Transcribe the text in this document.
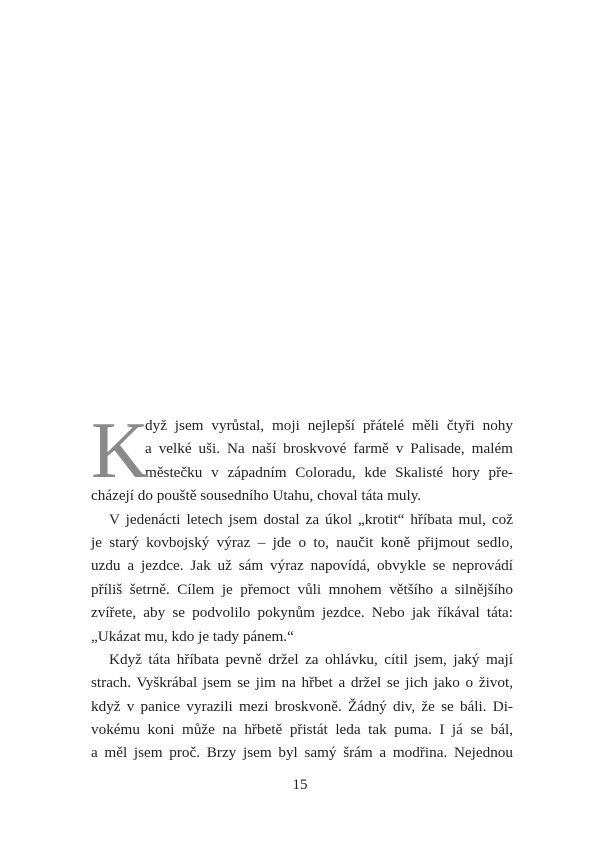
K
dyž jsem vyrůstal, moji nejlepší přátelé měli čtyři nohy
a velké uši. Na naší broskvové farmě v Palisade, malém
městečku v západním Coloradu, kde Skalisté hory pře-
cházejí do pouště sousedního Utahu, choval táta muly.
V jedenácti letech jsem dostal za úkol „krotit“ hříbata mul, což
je starý kovbojský výraz – jde o to, naučit koně přijmout sedlo,
uzdu a jezdce. Jak už sám výraz napovídá, obvykle se neprovádí
příliš šetrně. Cílem je přemoct vůli mnohem většího a silnějšího
zvířete, aby se podvolilo pokynům jezdce. Nebo jak říkával táta:
„Ukázat mu, kdo je tady pánem.“
Když táta hříbata pevně držel za ohlávku, cítil jsem, jaký mají
strach. Vyškrábal jsem se jim na hřbet a držel se jich jako o život,
když v panice vyrazili mezi broskvoně. Žádný div, že se báli. Di-
vokému koni může na hřbetě přistát leda tak puma. I já se bál,
a měl jsem proč. Brzy jsem byl samý šrám a modřina. Nejednou
15
